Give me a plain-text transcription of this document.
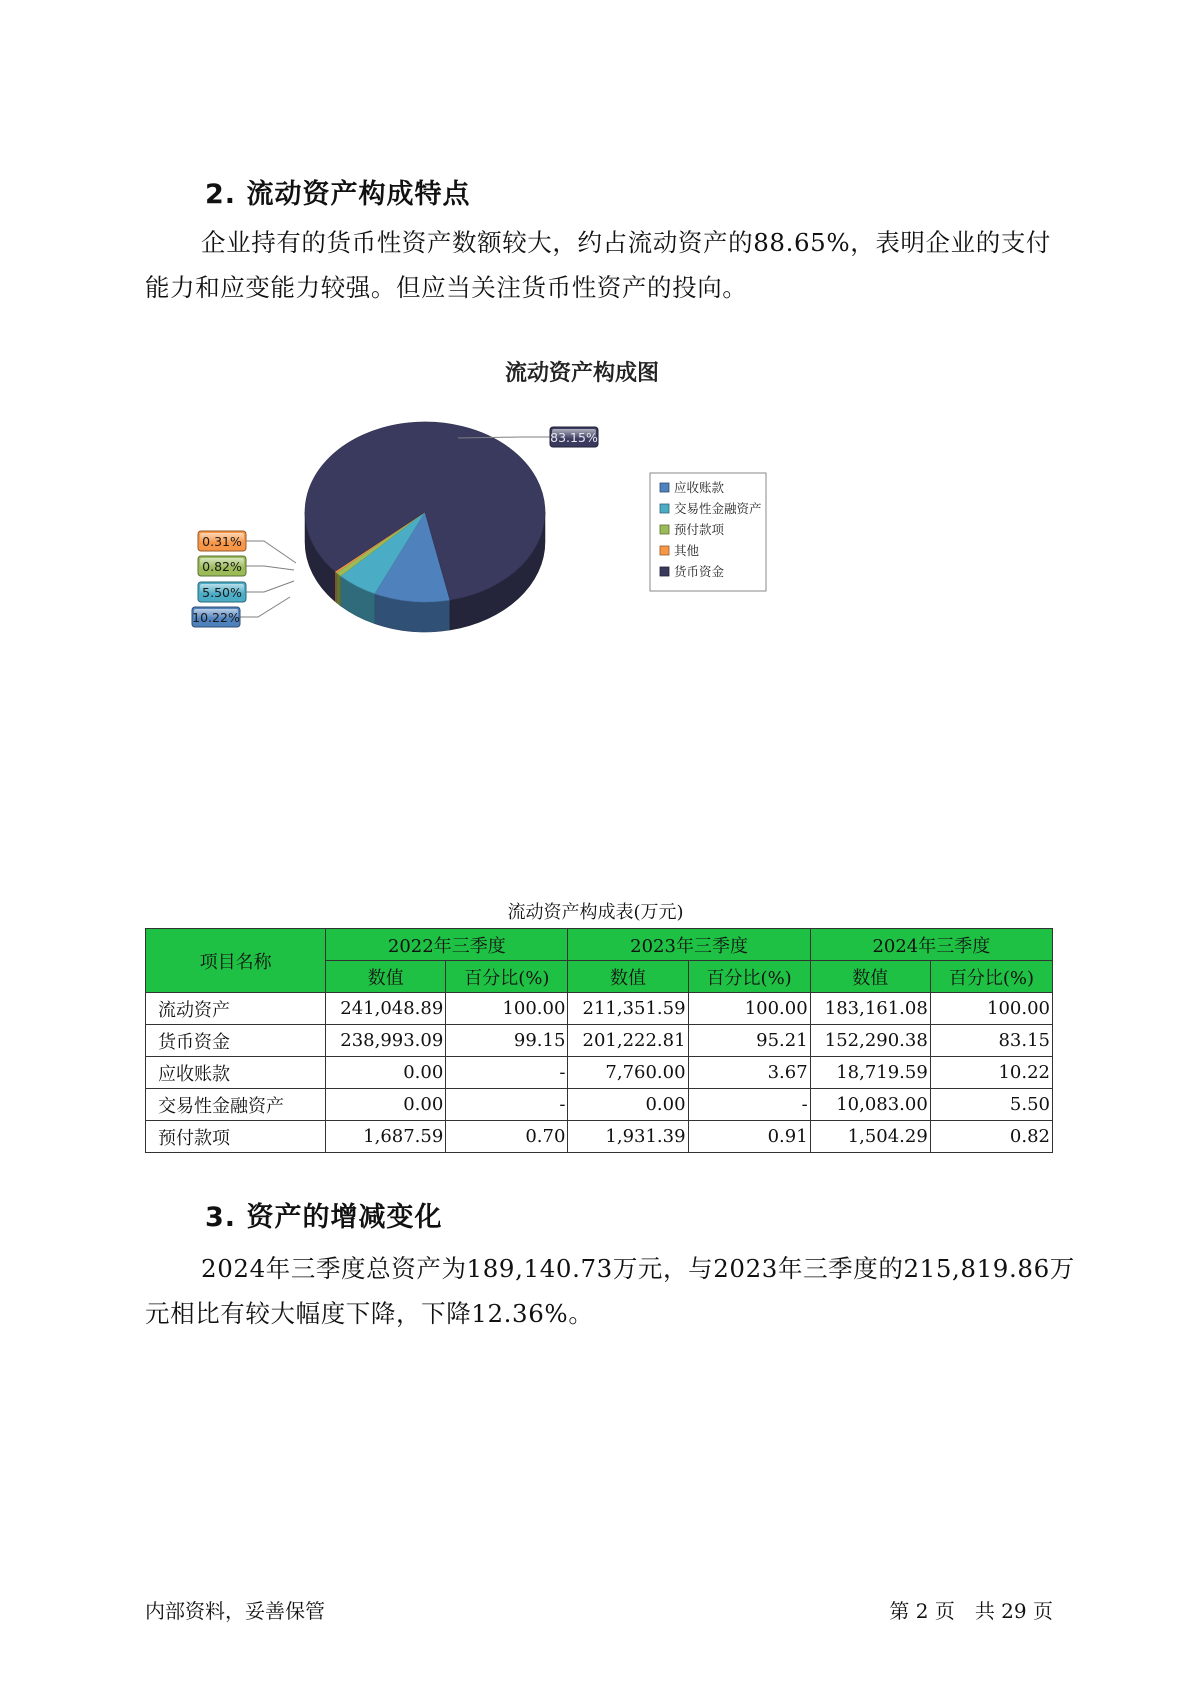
2. 流动资产构成特点
企业持有的货币性资产数额较大，约占流动资产的88.65%，表明企业的支付能力和应变能力较强。但应当关注货币性资产的投向。
流动资产构成图
10.22%
5.50%
0.82%
0.31%
83.15%
应收账款
交易性金融资产
预付款项
其他
货币资金
流动资产构成表(万元)
项目名称	2022年三季度		2023年三季度		2024年三季度	
	数值	百分比(%)	数值	百分比(%)	数值	百分比(%)
流动资产	241,048.89	100.00	211,351.59	100.00	183,161.08	100.00
货币资金	238,993.09	99.15	201,222.81	95.21	152,290.38	83.15
应收账款	0.00	-	7,760.00	3.67	18,719.59	10.22
交易性金融资产	0.00	-	0.00	-	10,083.00	5.50
预付款项	1,687.59	0.70	1,931.39	0.91	1,504.29	0.82
3. 资产的增减变化
2024年三季度总资产为189,140.73万元，与2023年三季度的215,819.86万元相比有较大幅度下降，下降12.36%。
内部资料，妥善保管	第 2 页　共 29 页
